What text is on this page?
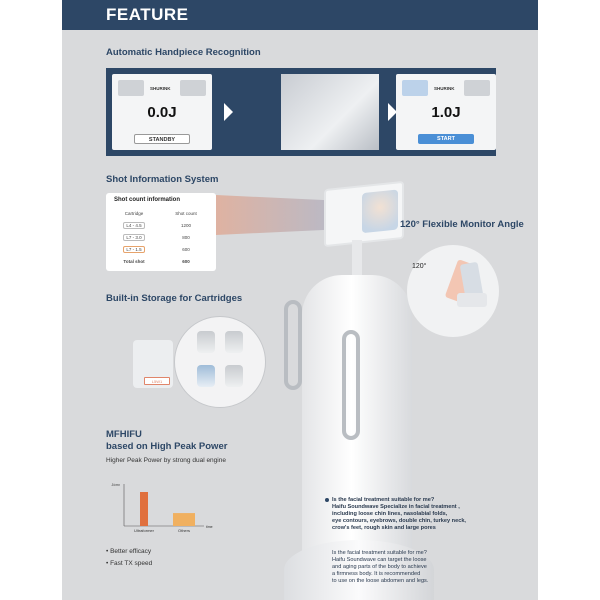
FEATURE
Automatic Handpiece Recognition
SHURINK
0.0J
STANDBY
SHURINK
1.0J
START
Shot Information System
Shot count information
Cartridge	Shot count
L4 - 4.5	1200
L7 - 3.0	800
L7 - 1.5	600
Total shot	600
120° Flexible Monitor Angle
120°
Built-in Storage for Cartridges
L5W1
MFHIFU
based on High Peak Power
Higher Peak Power by strong dual engine
J/cm²
time
Ultraformer	Others
• Better efficacy
• Fast TX speed
Is the facial treatment suitable for me?
Haifu Soundwave Specialize in facial treatment ,
including loose chin lines, nasolabial folds,
eye contours, eyebrows, double chin, turkey neck,
crow's feet, rough skin and large pores
Is the facial treatment suitable for me?
Haifu Soundwave can target the loose
and aging parts of the body to achieve
a firmness body. It is recommended
to use on the loose abdomen and legs.
